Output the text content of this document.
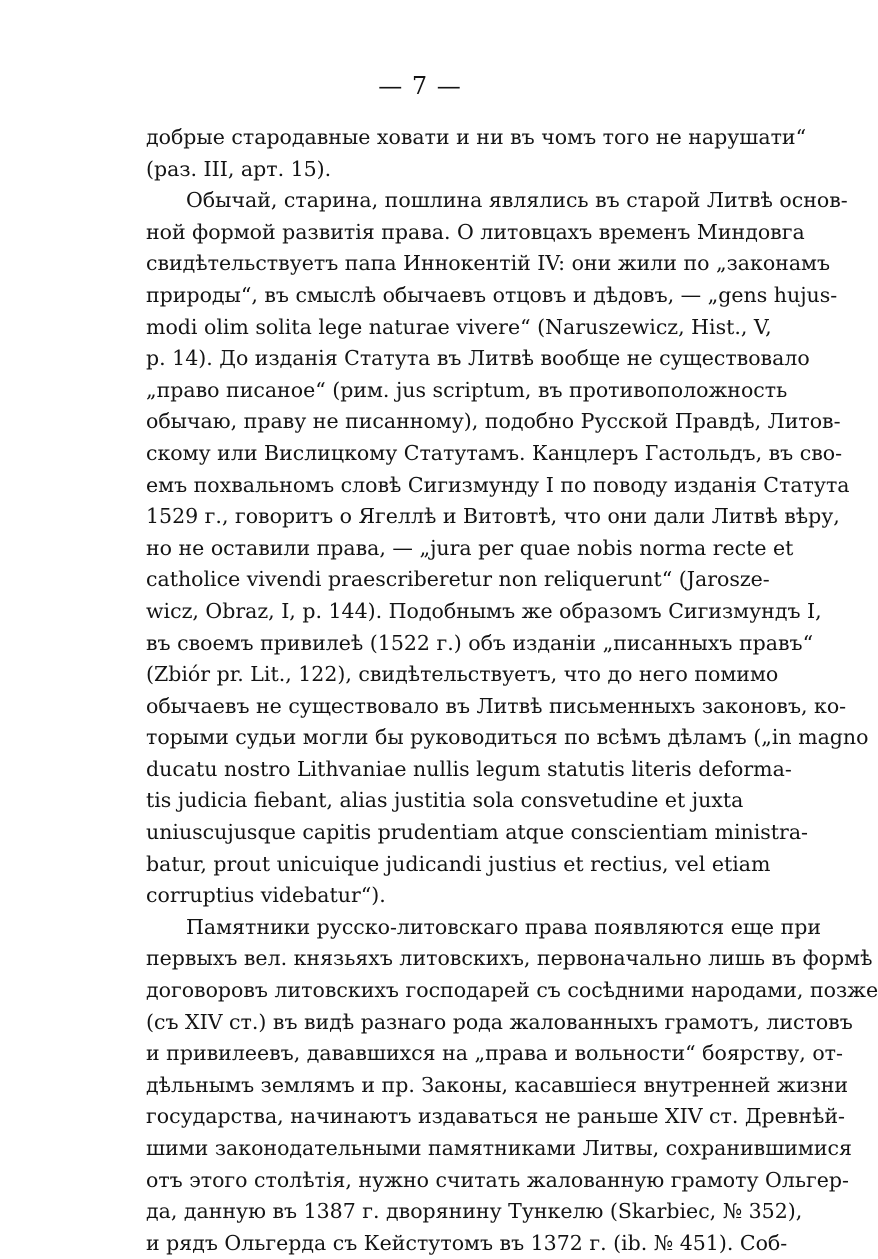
— 7 —
добрые стародавные ховати и ни въ чомъ того не нарушати“
(раз. III, арт. 15).
Обычай, старина, пошлина являлись въ старой Литвѣ основ-
ной формой развитія права. О литовцахъ временъ Миндовга
свидѣтельствуетъ папа Иннокентій IV: они жили по „законамъ
природы“, въ смыслѣ обычаевъ отцовъ и дѣдовъ, — „gens hujus-
modi olim solita lege naturae vivere“ (Naruszewicz, Hist., V,
p. 14). До изданія Статута въ Литвѣ вообще не существовало
„право писаное“ (рим. jus scriptum, въ противоположность
обычаю, праву не писанному), подобно Русской Правдѣ, Литов-
скому или Вислицкому Статутамъ. Канцлеръ Гастольдъ, въ сво-
емъ похвальномъ словѣ Сигизмунду I по поводу изданія Статута
1529 г., говоритъ о Ягеллѣ и Витовтѣ, что они дали Литвѣ вѣру,
но не оставили права, — „jura per quae nobis norma recte et
catholice vivendi praescriberetur non reliquerunt“ (Jarosze-
wicz, Obraz, I, p. 144). Подобнымъ же образомъ Сигизмундъ I,
въ своемъ привилеѣ (1522 г.) объ изданіи „писанныхъ правъ“
(Zbiór pr. Lit., 122), свидѣтельствуетъ, что до него помимо
обычаевъ не существовало въ Литвѣ письменныхъ законовъ, ко-
торыми судьи могли бы руководиться по всѣмъ дѣламъ („in magno
ducatu nostro Lithvaniae nullis legum statutis literis deforma-
tis judicia fiebant, alias justitia sola consvetudine et juxta
uniuscujusque capitis prudentiam atque conscientiam ministra-
batur, prout unicuique judicandi justius et rectius, vel etiam
corruptius videbatur“).
Памятники русско-литовскаго права появляются еще при
первыхъ вел. князьяхъ литовскихъ, первоначально лишь въ формѣ
договоровъ литовскихъ господарей съ сосѣдними народами, позже
(съ XIV ст.) въ видѣ разнаго рода жалованныхъ грамотъ, листовъ
и привилеевъ, дававшихся на „права и вольности“ боярству, от-
дѣльнымъ землямъ и пр. Законы, касавшіеся внутренней жизни
государства, начинаютъ издаваться не раньше XIV ст. Древнѣй-
шими законодательными памятниками Литвы, сохранившимися
отъ этого столѣтія, нужно считать жалованную грамоту Ольгер-
да, данную въ 1387 г. дворянину Тункелю (Skarbiec, № 352),
и рядъ Ольгерда съ Кейстутомъ въ 1372 г. (ib. № 451). Соб-
